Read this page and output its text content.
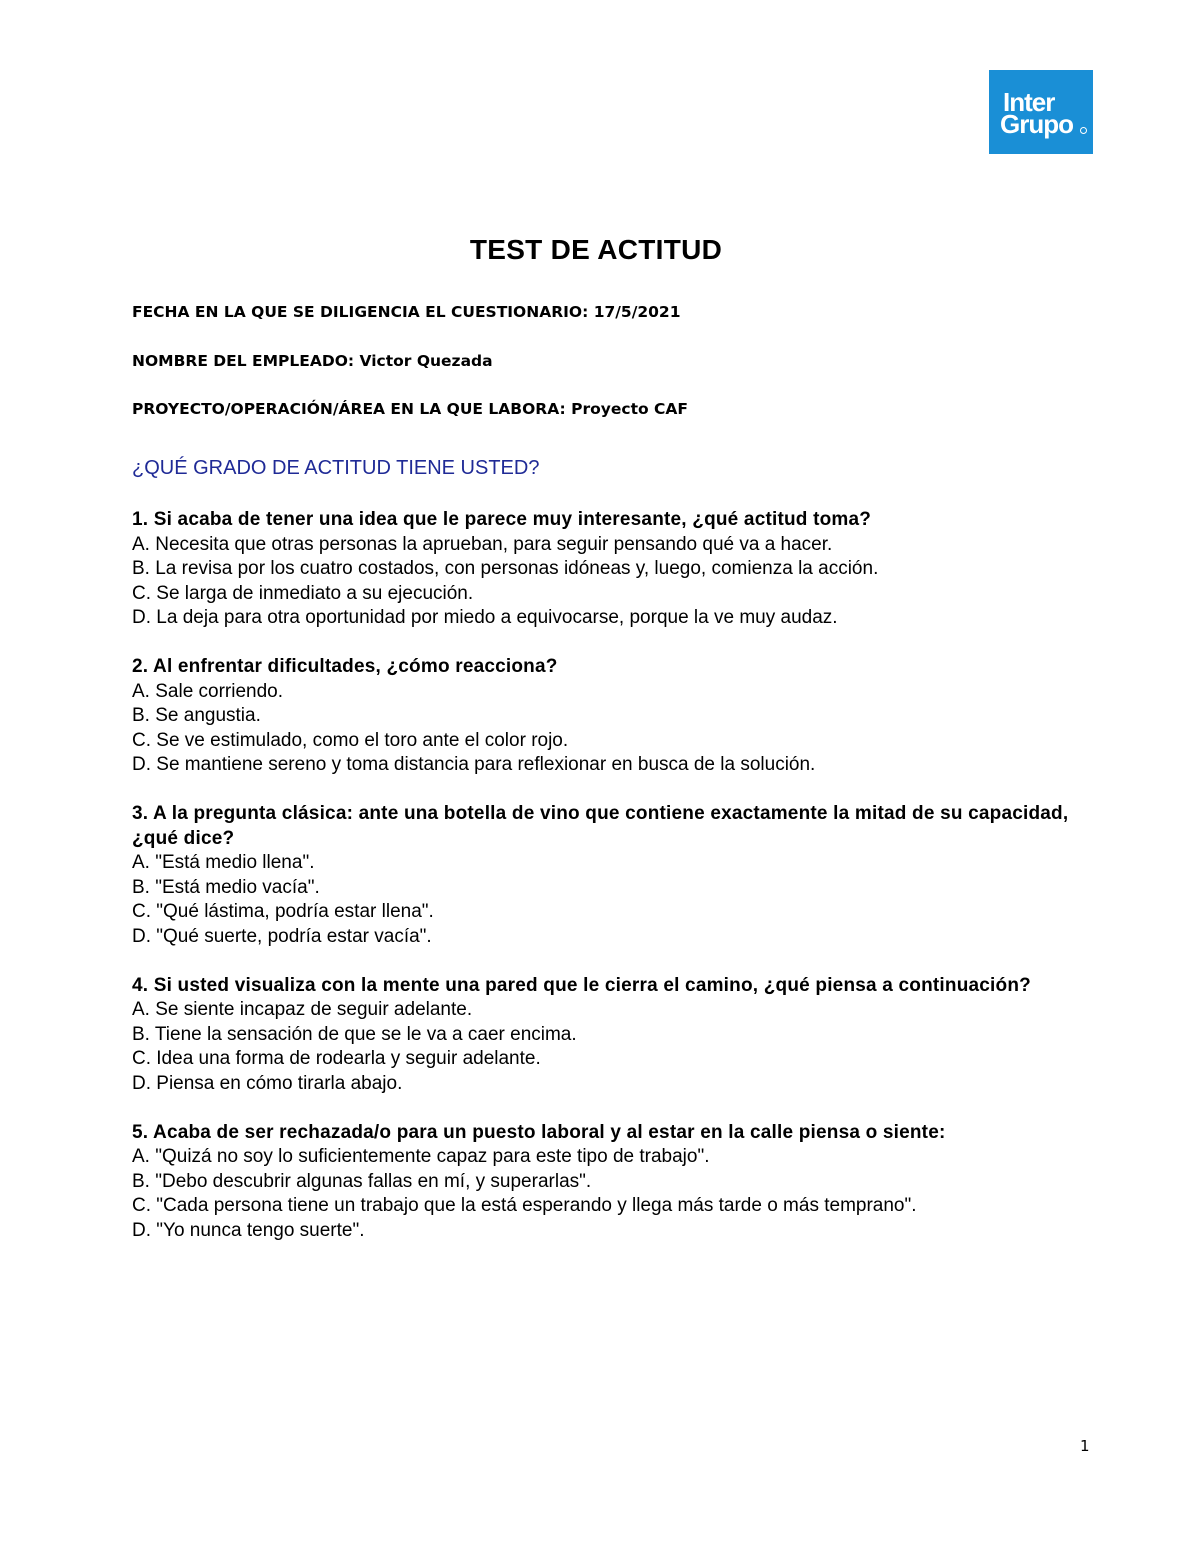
Inter
Grupo
TEST DE ACTITUD
FECHA EN LA QUE SE DILIGENCIA EL CUESTIONARIO: 17/5/2021
NOMBRE DEL EMPLEADO: Victor Quezada
PROYECTO/OPERACIÓN/ÁREA EN LA QUE LABORA: Proyecto CAF
¿QUÉ GRADO DE ACTITUD TIENE USTED?
1. Si acaba de tener una idea que le parece muy interesante, ¿qué actitud toma?
A. Necesita que otras personas la aprueban, para seguir pensando qué va a hacer.
B. La revisa por los cuatro costados, con personas idóneas y, luego, comienza la acción.
C. Se larga de inmediato a su ejecución.
D. La deja para otra oportunidad por miedo a equivocarse, porque la ve muy audaz.
2. Al enfrentar dificultades, ¿cómo reacciona?
A. Sale corriendo.
B. Se angustia.
C. Se ve estimulado, como el toro ante el color rojo.
D. Se mantiene sereno y toma distancia para reflexionar en busca de la solución.
3. A la pregunta clásica: ante una botella de vino que contiene exactamente la mitad de su capacidad, ¿qué dice?
A. "Está medio llena".
B. "Está medio vacía".
C. "Qué lástima, podría estar llena".
D. "Qué suerte, podría estar vacía".
4. Si usted visualiza con la mente una pared que le cierra el camino, ¿qué piensa a continuación?
A. Se siente incapaz de seguir adelante.
B. Tiene la sensación de que se le va a caer encima.
C. Idea una forma de rodearla y seguir adelante.
D. Piensa en cómo tirarla abajo.
5. Acaba de ser rechazada/o para un puesto laboral y al estar en la calle piensa o siente:
A. "Quizá no soy lo suficientemente capaz para este tipo de trabajo".
B. "Debo descubrir algunas fallas en mí, y superarlas".
C. "Cada persona tiene un trabajo que la está esperando y llega más tarde o más temprano".
D. "Yo nunca tengo suerte".
1
